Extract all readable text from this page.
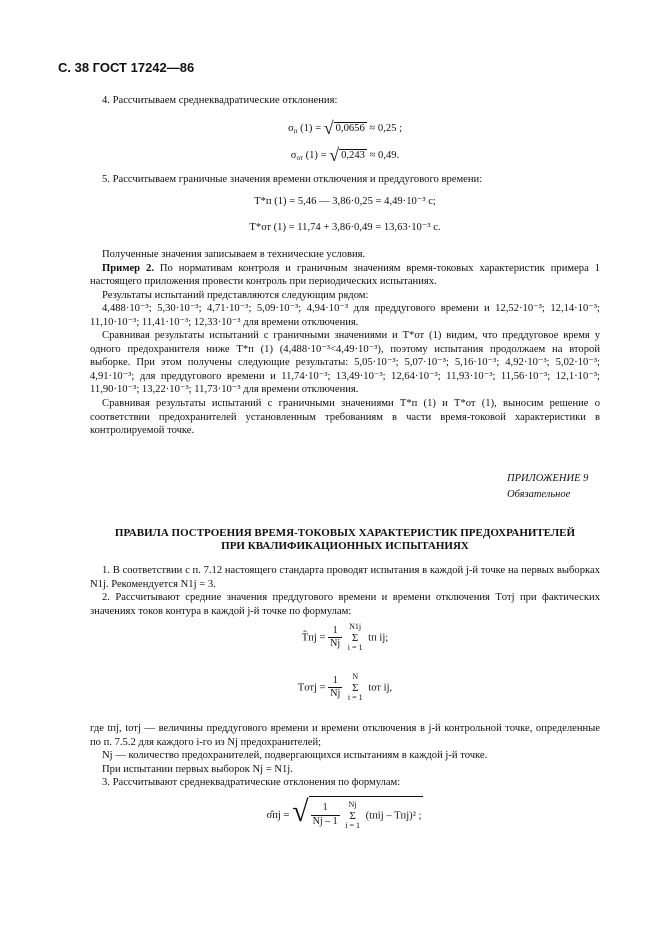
С. 38 ГОСТ 17242—86

4. Рассчитываем среднеквадратические отклонения:

$\sigma_п$ (1) = √ 0,0656 ≈ 0,25 ;
$\sigma_{от}$ (1) = √ 0,243 ≈ 0,49.

5. Рассчитываем граничные значения времени отключения и преддугового времени:

T*п (1) = 5,46 — 3,86·0,25 = 4,49·10⁻³ с;
T*от (1) = 11,74 + 3,86·0,49 = 13,63·10⁻³ с.

Полученные значения записываем в технические условия.

Пример 2. По нормативам контроля и граничным значениям время-токовых характеристик примера 1 настоящего приложения провести контроль при периодических испытаниях.

Результаты испытаний представляются следующим рядом:

4,488·10⁻³; 5,30·10⁻³; 4,71·10⁻³; 5,09·10⁻³; 4,94·10⁻³ для преддугового времени и 12,52·10⁻³; 12,14·10⁻³; 11,10·10⁻³; 11,41·10⁻³; 12,33·10⁻³ для времени отключения.

Сравнивая результаты испытаний с граничными значениями и T*от (1) видим, что преддуговое время у одного предохранителя ниже T*п (1) (4,488·10⁻³<4,49·10⁻³), поэтому испытания продолжаем на второй выборке. При этом получены следующие результаты: 5,05·10⁻³; 5,07·10⁻³; 5,16·10⁻³; 4,92·10⁻³; 5,02·10⁻³; 4,91·10⁻³; для преддугового времени и 11,74·10⁻³; 13,49·10⁻³; 12,64·10⁻³; 11,93·10⁻³; 11,56·10⁻³; 12,1·10⁻³; 11,90·10⁻³; 13,22·10⁻³; 11,73·10⁻³ для времени отключения.

Сравнивая результаты испытаний с граничными значениями T*п (1) и T*от (1), выносим решение о соответствии предохранителей установленным требованиям в части время-токовой характеристики в контролируемой точке.

ПРИЛОЖЕНИЕ 9
Обязательное
ПРАВИЛА ПОСТРОЕНИЯ ВРЕМЯ-ТОКОВЫХ ХАРАКТЕРИСТИК ПРЕДОХРАНИТЕЛЕЙ
ПРИ КВАЛИФИКАЦИОННЫХ ИСПЫТАНИЯХ

1. В соответствии с п. 7.12 настоящего стандарта проводят испытания в каждой j-й точке на первых выборках N1j. Рекомендуется N1j = 3.

2. Рассчитывают средние значения преддугового времени и времени отключения Tотj при фактических значениях токов контура в каждой j-й точке по формулам:

T̂пj = $\frac{1}{Nj} N1j$
Σ
i = 1 tп ij;
Tотj = $\frac{1}{Nj}$ N
Σ
i = 1 tот ij,

где tпj, tотj — величины преддугового времени и времени отключения в j-й контрольной точке, определенные по п. 7.5.2 для каждого i-го из Nj предохранителей;

Nj — количество предохранителей, подвергающихся испытаниям в каждой j-й точке.

При испытании первых выборок Nj = N1j.

3. Рассчитывают среднеквадратические отклонения по формулам:

σ̂пj = √ $\frac{1}{Nj - 1}$ Nj
Σ
i = 1 (tпij – Tпj)² ;
